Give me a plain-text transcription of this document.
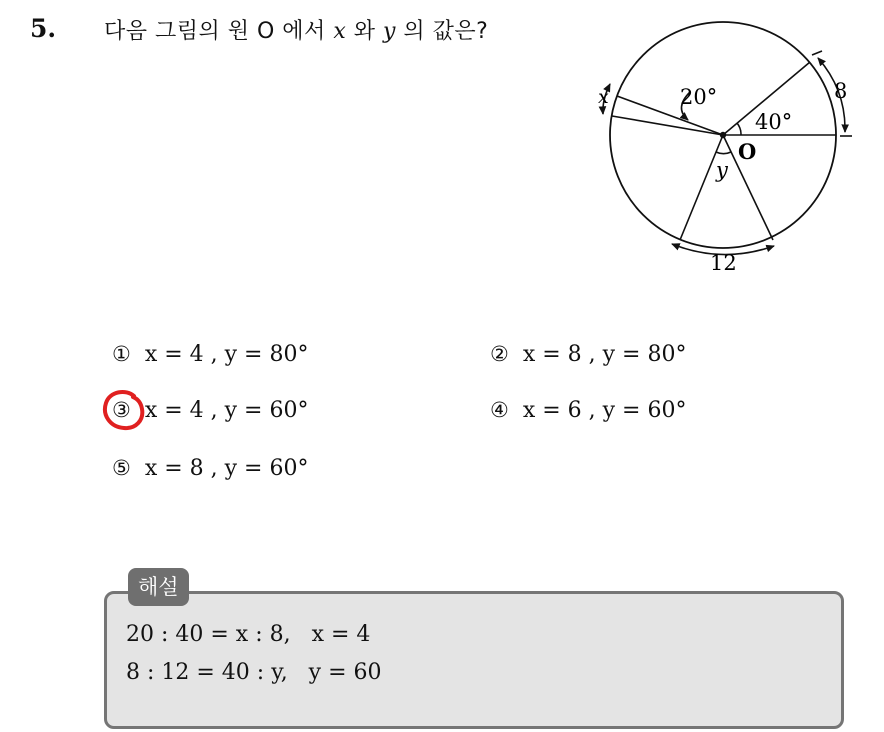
5. 다음 그림의 원 O 에서 x 와 y 의 값은?
20°
40°
O
y
8
12
x
① x = 4 , y = 80°	② x = 8 , y = 80°
③ x = 4 , y = 60°	④ x = 6 , y = 60°
⑤ x = 8 , y = 60°
해설
20 : 40 = x : 8,   x = 4
8 : 12 = 40 : y,   y = 60
